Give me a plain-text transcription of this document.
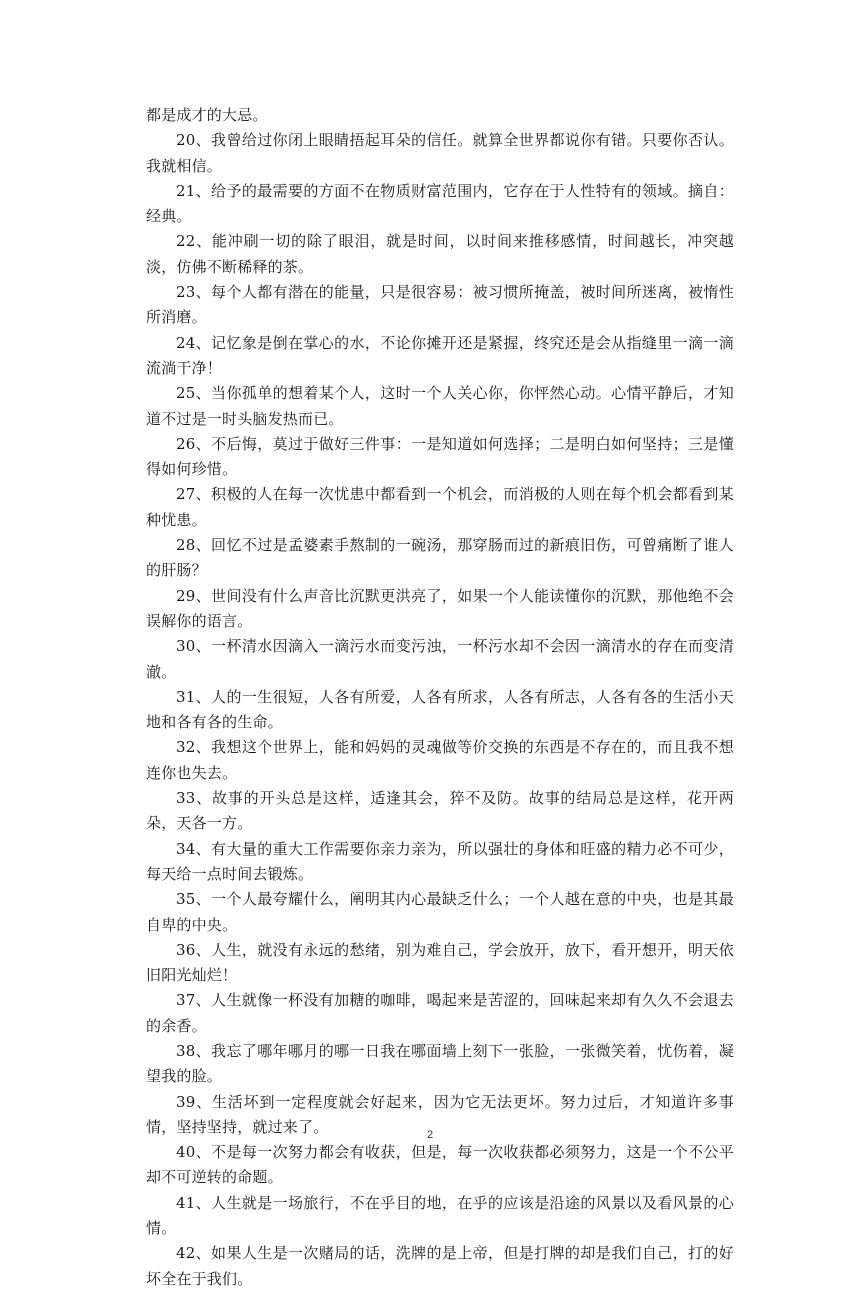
都是成才的大忌。

20、我曾给过你闭上眼睛捂起耳朵的信任。就算全世界都说你有错。只要你否认。我就相信。

21、给予的最需要的方面不在物质财富范围内，它存在于人性特有的领域。摘自：经典。

22、能冲刷一切的除了眼泪，就是时间，以时间来推移感情，时间越长，冲突越淡，仿佛不断稀释的茶。

23、每个人都有潜在的能量，只是很容易：被习惯所掩盖，被时间所迷离，被惰性所消磨。

24、记忆象是倒在掌心的水，不论你摊开还是紧握，终究还是会从指缝里一滴一滴流淌干净！

25、当你孤单的想着某个人，这时一个人关心你，你怦然心动。心情平静后，才知道不过是一时头脑发热而已。

26、不后悔，莫过于做好三件事：一是知道如何选择；二是明白如何坚持；三是懂得如何珍惜。

27、积极的人在每一次忧患中都看到一个机会，而消极的人则在每个机会都看到某种忧患。

28、回忆不过是孟婆素手熬制的一碗汤，那穿肠而过的新痕旧伤，可曾痛断了谁人的肝肠？

29、世间没有什么声音比沉默更洪亮了，如果一个人能读懂你的沉默，那他绝不会误解你的语言。

30、一杯清水因滴入一滴污水而变污浊，一杯污水却不会因一滴清水的存在而变清澈。

31、人的一生很短，人各有所爱，人各有所求，人各有所志，人各有各的生活小天地和各有各的生命。

32、我想这个世界上，能和妈妈的灵魂做等价交换的东西是不存在的，而且我不想连你也失去。

33、故事的开头总是这样，适逢其会，猝不及防。故事的结局总是这样，花开两朵，天各一方。

34、有大量的重大工作需要你亲力亲为，所以强壮的身体和旺盛的精力必不可少，每天给一点时间去锻炼。

35、一个人最夸耀什么，阐明其内心最缺乏什么；一个人越在意的中央，也是其最自卑的中央。

36、人生，就没有永远的愁绪，别为难自己，学会放开，放下，看开想开，明天依旧阳光灿烂！

37、人生就像一杯没有加糖的咖啡，喝起来是苦涩的，回味起来却有久久不会退去的余香。

38、我忘了哪年哪月的哪一日我在哪面墙上刻下一张脸，一张微笑着，忧伤着，凝望我的脸。

39、生活坏到一定程度就会好起来，因为它无法更坏。努力过后，才知道许多事情，坚持坚持，就过来了。

40、不是每一次努力都会有收获，但是，每一次收获都必须努力，这是一个不公平却不可逆转的命题。

41、人生就是一场旅行，不在乎目的地，在乎的应该是沿途的风景以及看风景的心情。

42、如果人生是一次赌局的话，洗牌的是上帝，但是打牌的却是我们自己，打的好坏全在于我们。

2
